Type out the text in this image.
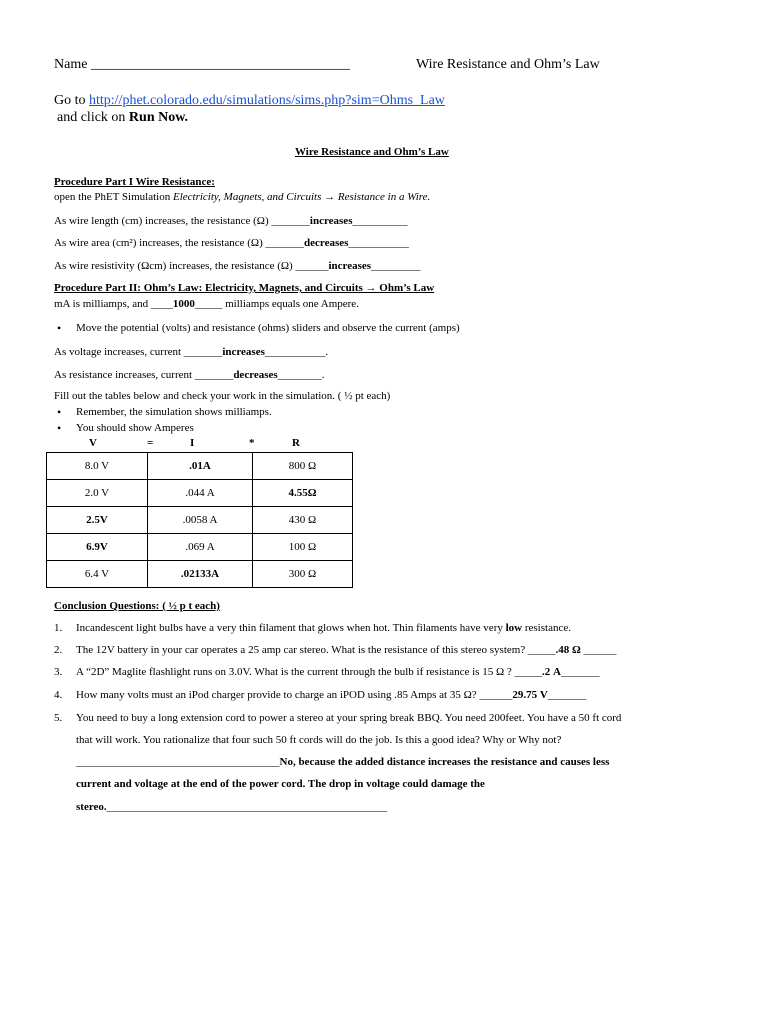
Name _____________________________________	Wire Resistance and Ohm’s Law
Go to http://phet.colorado.edu/simulations/sims.php?sim=Ohms_Law
and click on Run Now.
Wire Resistance and Ohm’s Law
Procedure Part I Wire Resistance:
open the PhET Simulation Electricity, Magnets, and Circuits → Resistance in a Wire.
As wire length (cm) increases, the resistance (Ω) _______increases__________
As wire area (cm²) increases, the resistance (Ω) _______decreases___________
As wire resistivity (Ωcm) increases, the resistance (Ω) ______increases_________
Procedure Part II: Ohm’s Law: Electricity, Magnets, and Circuits → Ohm’s Law
mA is milliamps, and ____1000_____ milliamps equals one Ampere.
• Move the potential (volts) and resistance (ohms) sliders and observe the current (amps)
As voltage increases, current _______increases___________.
As resistance increases, current _______decreases________.
Fill out the tables below and check your work in the simulation. ( ½ pt each)
• Remember, the simulation shows milliamps.
• You should show Amperes
V	=	I	*	R
8.0 V	.01A	800 Ω
2.0 V	.044 A	4.55Ω
2.5V	.0058 A	430 Ω
6.9V	.069 A	100 Ω
6.4 V	.02133A	300 Ω
Conclusion Questions: ( ½ p t each)
1. Incandescent light bulbs have a very thin filament that glows when hot. Thin filaments have very low resistance.
2. The 12V battery in your car operates a 25 amp car stereo. What is the resistance of this stereo system? _____.48 Ω ______
3. A “2D” Maglite flashlight runs on 3.0V. What is the current through the bulb if resistance is 15 Ω ? _____.2 A_______
4. How many volts must an iPod charger provide to charge an iPOD using .85 Amps at 35 Ω? ______29.75 V_______
5. You need to buy a long extension cord to power a stereo at your spring break BBQ. You need 200feet. You have a 50 ft cord
that will work. You rationalize that four such 50 ft cords will do the job. Is this a good idea? Why or Why not?
_____________________________________No, because the added distance increases the resistance and causes less
current and voltage at the end of the power cord. The drop in voltage could damage the
stereo.___________________________________________________
